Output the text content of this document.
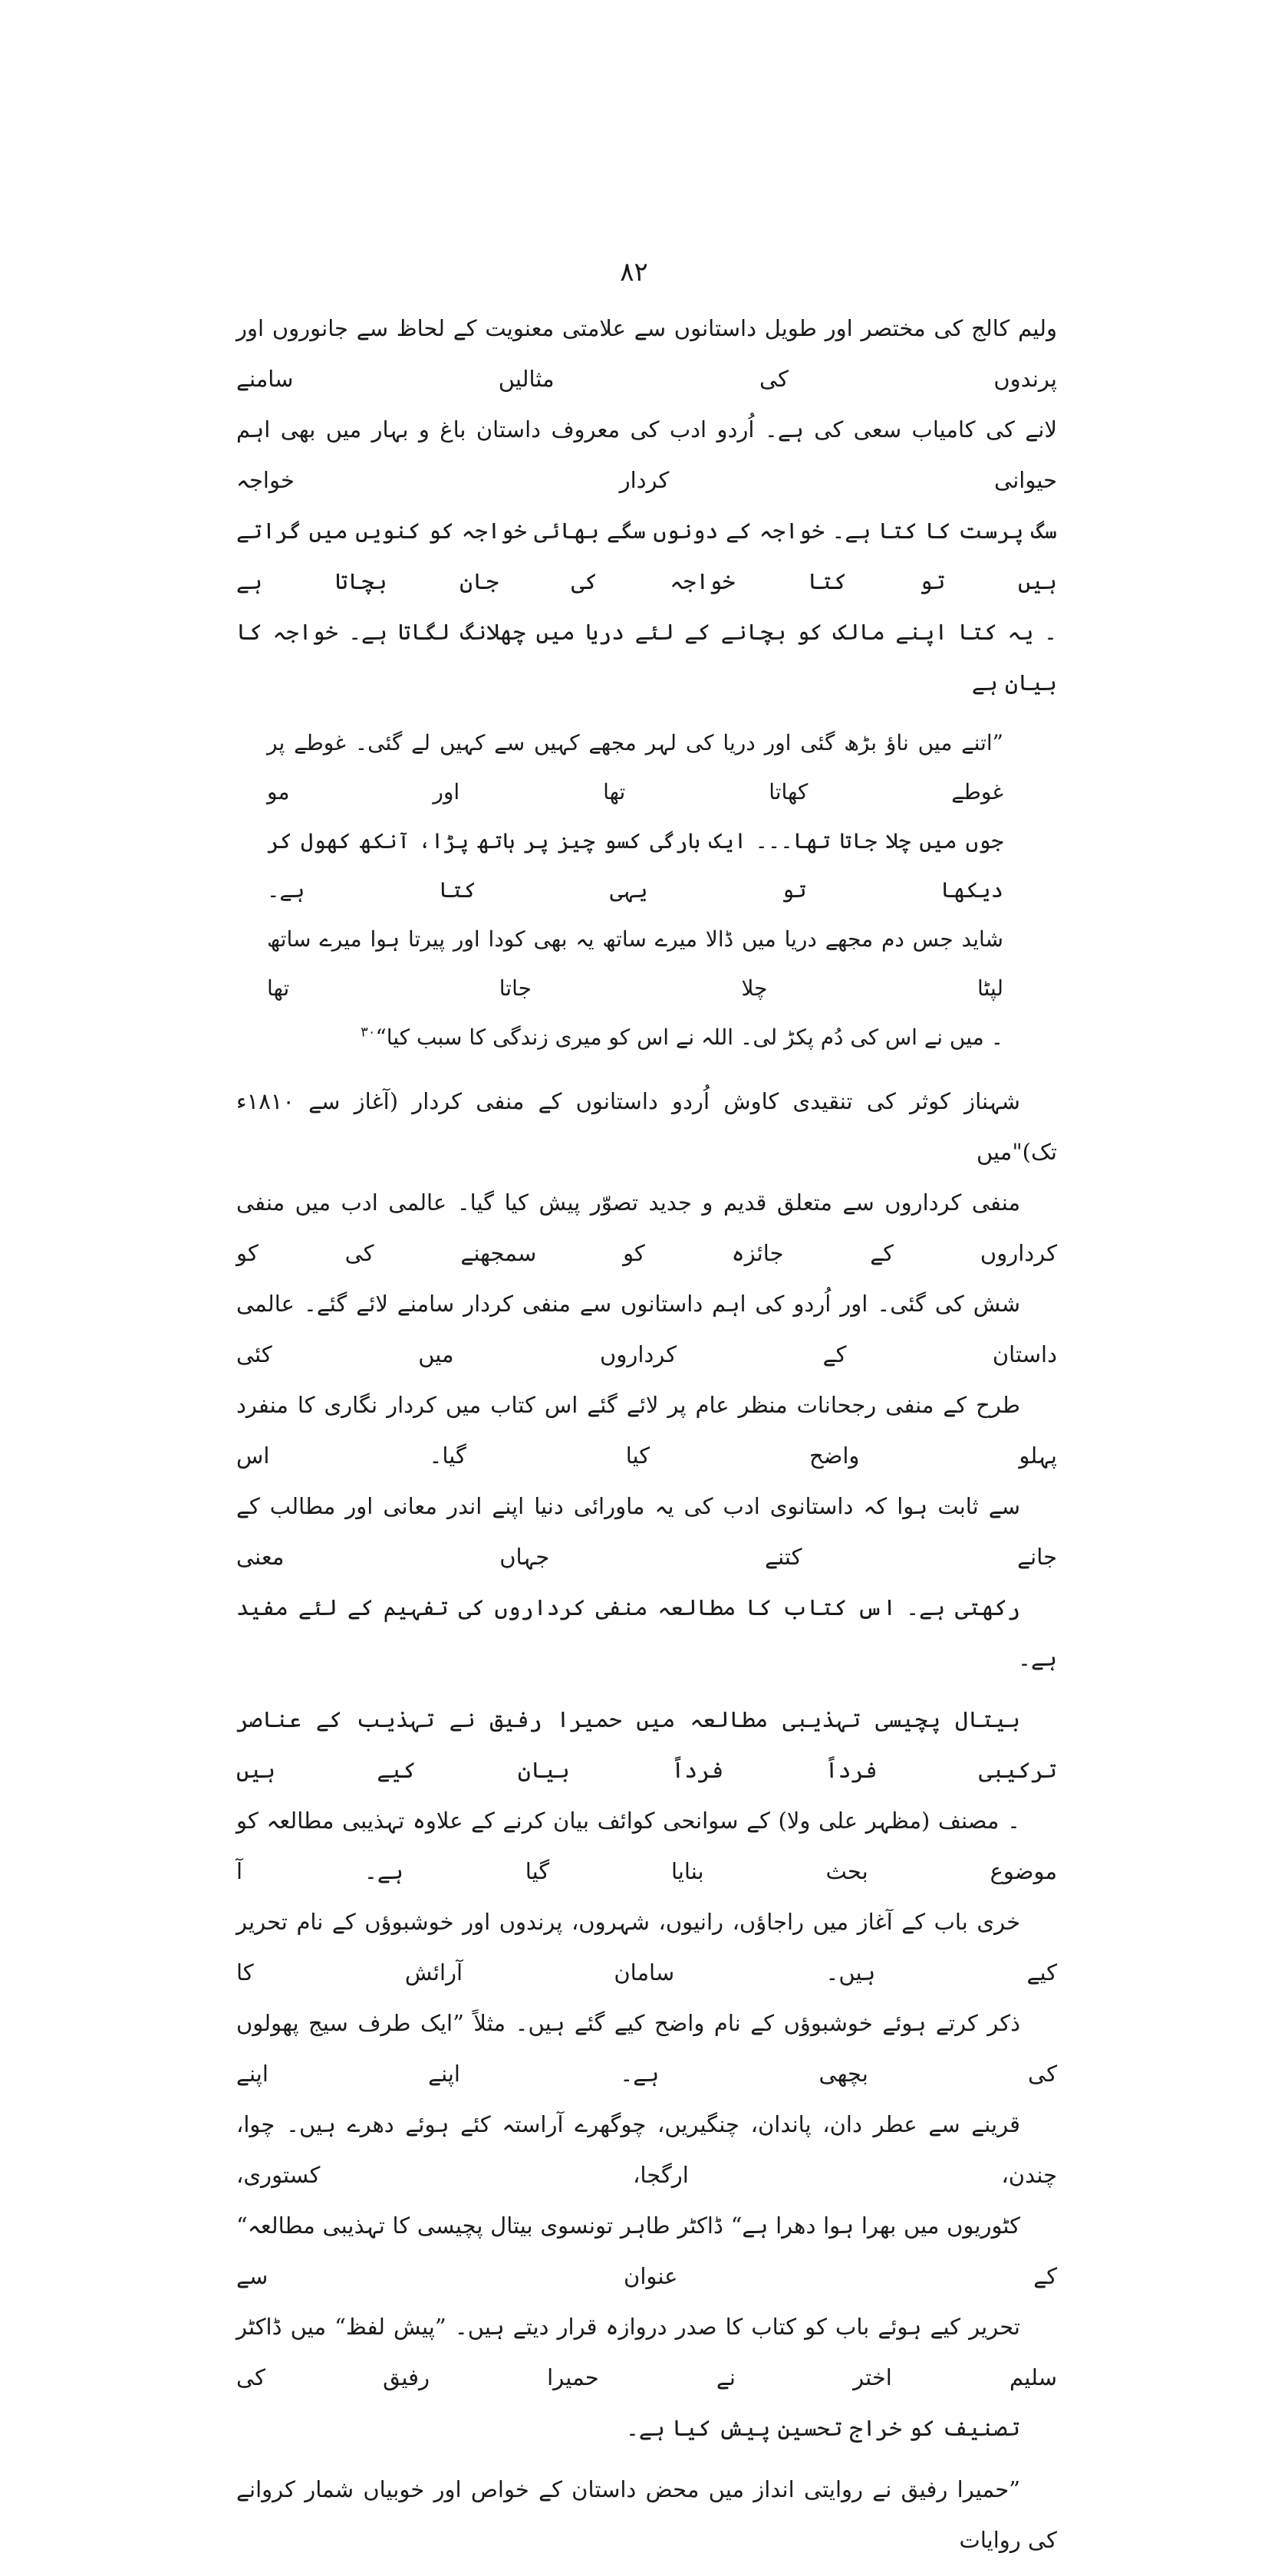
۸۲
ولیم کالج کی مختصر اور طویل داستانوں سے علامتی معنویت کے لحاظ سے جانوروں اور پرندوں کی مثالیں سامنے
لانے کی کامیاب سعی کی ہے۔ اُردو ادب کی معروف داستان باغ و بہار میں بھی اہم حیوانی کردار خواجہ
سگ پرست کا کتا ہے۔ خواجہ کے دونوں سگے بھائی خواجہ کو کنویں میں گراتے ہیں تو کتا خواجہ کی جان بچاتا ہے
۔ یہ کتا اپنے مالک کو بچانے کے لئے دریا میں چھلانگ لگاتا ہے۔ خواجہ کا بیان ہے
”اتنے میں ناؤ بڑھ گئی اور دریا کی لہر مجھے کہیں سے کہیں لے گئی۔ غوطے پر غوطے کھاتا تھا اور مو
جوں میں چلا جاتا تھا۔۔۔ ایک بارگی کسو چیز پر ہاتھ پڑا، آنکھ کھول کر دیکھا تو یہی کتا ہے۔
شاید جس دم مجھے دریا میں ڈالا میرے ساتھ یہ بھی کودا اور پیرتا ہوا میرے ساتھ لپٹا چلا جاتا تھا
۔ میں نے اس کی دُم پکڑ لی۔ اللہ نے اس کو میری زندگی کا سبب کیا“$^{۳۰}$
شہناز کوثر کی تنقیدی کاوش اُردو داستانوں کے منفی کردار (آغاز سے ۱۸۱۰ء تک)"میں
منفی کرداروں سے متعلق قدیم و جدید تصوّر پیش کیا گیا۔ عالمی ادب میں منفی کرداروں کے جائزہ کو سمجھنے کی کو
شش کی گئی۔ اور اُردو کی اہم داستانوں سے منفی کردار سامنے لائے گئے۔ عالمی داستان کے کرداروں میں کئی
طرح کے منفی رجحانات منظر عام پر لائے گئے اس کتاب میں کردار نگاری کا منفرد پہلو واضح کیا گیا۔ اس
سے ثابت ہوا کہ داستانوی ادب کی یہ ماورائی دنیا اپنے اندر معانی اور مطالب کے جانے کتنے جہاں معنی
رکھتی ہے۔ اس کتاب کا مطالعہ منفی کرداروں کی تفہیم کے لئے مفید ہے۔
بیتال پچیسی تہذیبی مطالعہ میں حمیرا رفیق نے تہذیب کے عناصر ترکیبی فرداً فرداً بیان کیے ہیں
۔ مصنف (مظہر علی ولا) کے سوانحی کوائف بیان کرنے کے علاوہ تہذیبی مطالعہ کو موضوع بحث بنایا گیا ہے۔ آ
خری باب کے آغاز میں راجاؤں، رانیوں، شہروں، پرندوں اور خوشبوؤں کے نام تحریر کیے ہیں۔ سامان آرائش کا
ذکر کرتے ہوئے خوشبوؤں کے نام واضح کیے گئے ہیں۔ مثلاً ”ایک طرف سیج پھولوں کی بچھی ہے۔ اپنے اپنے
قرینے سے عطر دان، پاندان، چنگیریں، چوگھرے آراستہ کئے ہوئے دھرے ہیں۔ چوا، چندن، ارگجا، کستوری،
کٹوریوں میں بھرا ہوا دھرا ہے“ ڈاکٹر طاہر تونسوی بیتال پچیسی کا تہذیبی مطالعہ“ کے عنوان سے
تحریر کیے ہوئے باب کو کتاب کا صدر دروازہ قرار دیتے ہیں۔ ”پیش لفظ“ میں ڈاکٹر سلیم اختر نے حمیرا رفیق کی
تصنیف کو خراج تحسین پیش کیا ہے۔
”حمیرا رفیق نے روایتی انداز میں محض داستان کے خواص اور خوبیاں شمار کروانے کی روایات
